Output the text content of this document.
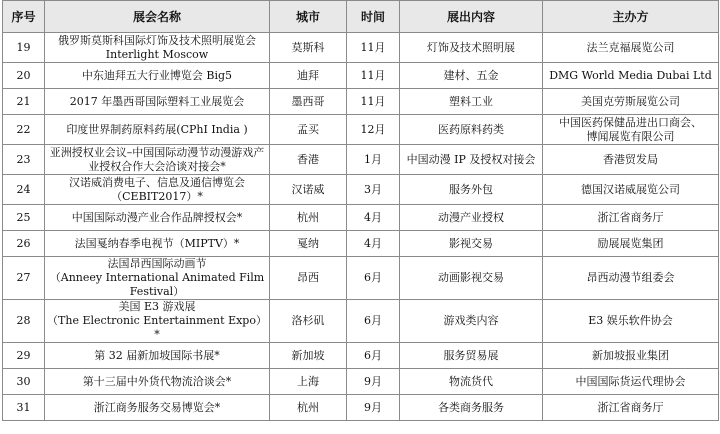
序号	展会名称	城市	时间	展出内容	主办方
19	俄罗斯莫斯科国际灯饰及技术照明展览会
Interlight Moscow	莫斯科	11月	灯饰及技术照明展	法兰克福展览公司

20	中东迪拜五大行业博览会 Big5	迪拜	11月	建材、五金	DMG World Media Dubai Ltd

21	2017 年墨西哥国际塑料工业展览会	墨西哥	11月	塑料工业	美国克劳斯展览公司

22	印度世界制药原料药展(CPhI India )	孟买	12月	医药原料药类	中国医药保健品进出口商会、
博闻展览有限公司

23	亚洲授权业会议–中国国际动漫节动漫游戏产
业授权合作大会洽谈对接会*	香港	1月	中国动漫 IP 及授权对接会	香港贸发局

24	汉诺威消费电子、信息及通信博览会
（CEBIT2017）*	汉诺威	3月	服务外包	德国汉诺威展览公司

25	中国国际动漫产业合作品牌授权会*	杭州	4月	动漫产业授权	浙江省商务厅

26	法国戛纳春季电视节（MIPTV）*	戛纳	4月	影视交易	励展展览集团

27	法国昂西国际动画节
（Anneey International Animated Film Festival）	昂西	6月	动画影视交易	昂西动漫节组委会

28	美国 E3 游戏展
（The Electronic Entertainment Expo）*	洛杉矶	6月	游戏类内容	E3 娱乐软件协会

29	第 32 届新加坡国际书展*	新加坡	6月	服务贸易展	新加坡报业集团

30	第十三届中外货代物流洽谈会*	上海	9月	物流货代	中国国际货运代理协会

31	浙江商务服务交易博览会*	杭州	9月	各类商务服务	浙江省商务厅
